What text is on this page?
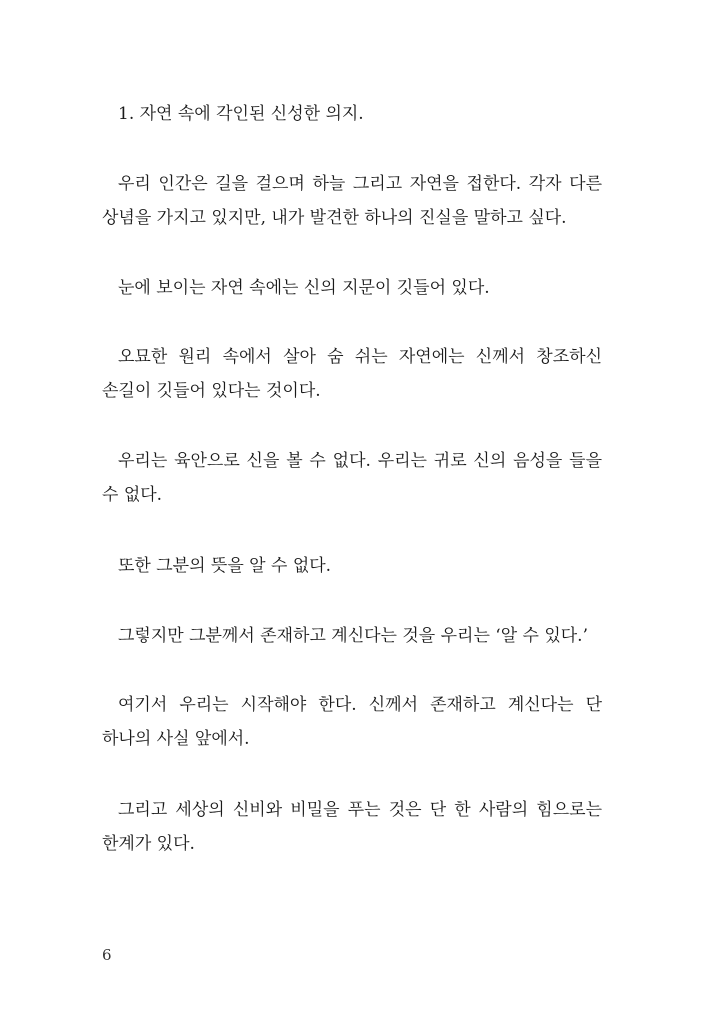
1. 자연 속에 각인된 신성한 의지.

우리 인간은 길을 걸으며 하늘 그리고 자연을 접한다. 각자 다른 상념을 가지고 있지만, 내가 발견한 하나의 진실을 말하고 싶다.

눈에 보이는 자연 속에는 신의 지문이 깃들어 있다.

오묘한 원리 속에서 살아 숨 쉬는 자연에는 신께서 창조하신 손길이 깃들어 있다는 것이다.

우리는 육안으로 신을 볼 수 없다. 우리는 귀로 신의 음성을 들을 수 없다.

또한 그분의 뜻을 알 수 없다.

그렇지만 그분께서 존재하고 계신다는 것을 우리는 ‘알 수 있다.’

여기서 우리는 시작해야 한다. 신께서 존재하고 계신다는 단 하나의 사실 앞에서.

그리고 세상의 신비와 비밀을 푸는 것은 단 한 사람의 힘으로는 한계가 있다.

6
